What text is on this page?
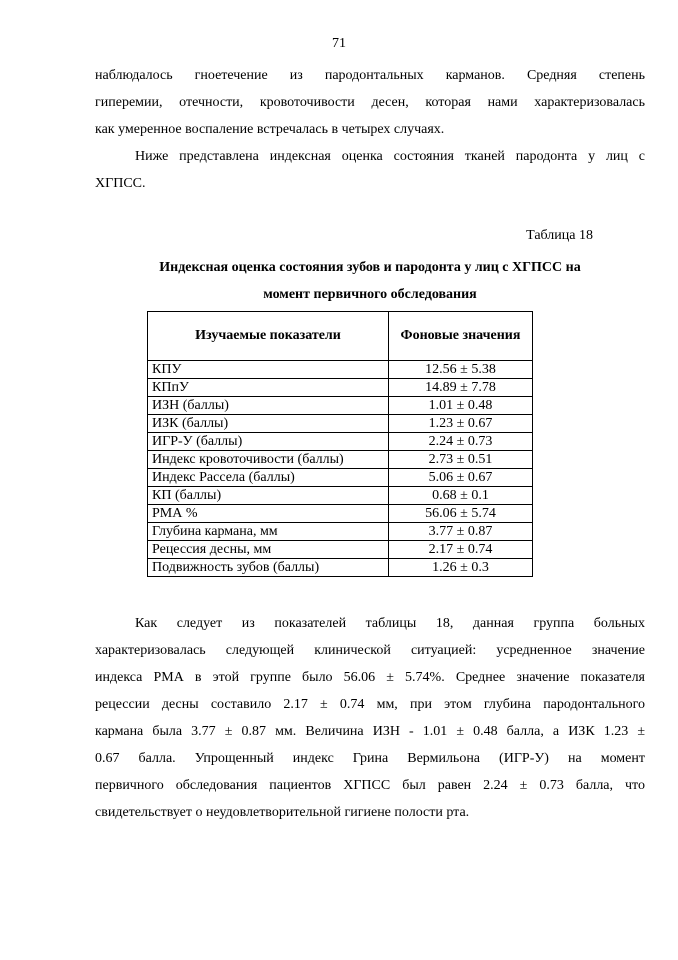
71

наблюдалось гноетечение из пародонтальных карманов. Средняя степень
гиперемии, отечности, кровоточивости десен, которая нами характеризовалась
как умеренное воспаление встречалась в четырех случаях.

Ниже представлена индексная оценка состояния тканей пародонта у лиц с
ХГПСС.

Таблица 18
Индексная оценка состояния зубов и пародонта у лиц с ХГПСС на
момент первичного обследования
Изучаемые показатели	Фоновые значения
КПУ	12.56 ± 5.38
КПпУ	14.89 ± 7.78
ИЗН (баллы)	1.01 ± 0.48
ИЗК (баллы)	1.23 ± 0.67
ИГР-У (баллы)	2.24 ± 0.73
Индекс кровоточивости (баллы)	2.73 ± 0.51
Индекс Рассела (баллы)	5.06 ± 0.67
КП (баллы)	0.68 ± 0.1
РМА %	56.06 ± 5.74
Глубина кармана, мм	3.77 ± 0.87
Рецессия десны, мм	2.17 ± 0.74
Подвижность зубов (баллы)	1.26 ± 0.3

Как следует из показателей таблицы 18, данная группа больных
характеризовалась следующей клинической ситуацией: усредненное значение
индекса РМА в этой группе было 56.06 ± 5.74%. Среднее значение показателя
рецессии десны составило 2.17 ± 0.74 мм, при этом глубина пародонтального
кармана была 3.77 ± 0.87 мм. Величина ИЗН - 1.01 ± 0.48 балла, а ИЗК 1.23 ±
0.67 балла. Упрощенный индекс Грина Вермильона (ИГР-У) на момент
первичного обследования пациентов ХГПСС был равен 2.24 ± 0.73 балла, что
свидетельствует о неудовлетворительной гигиене полости рта.
